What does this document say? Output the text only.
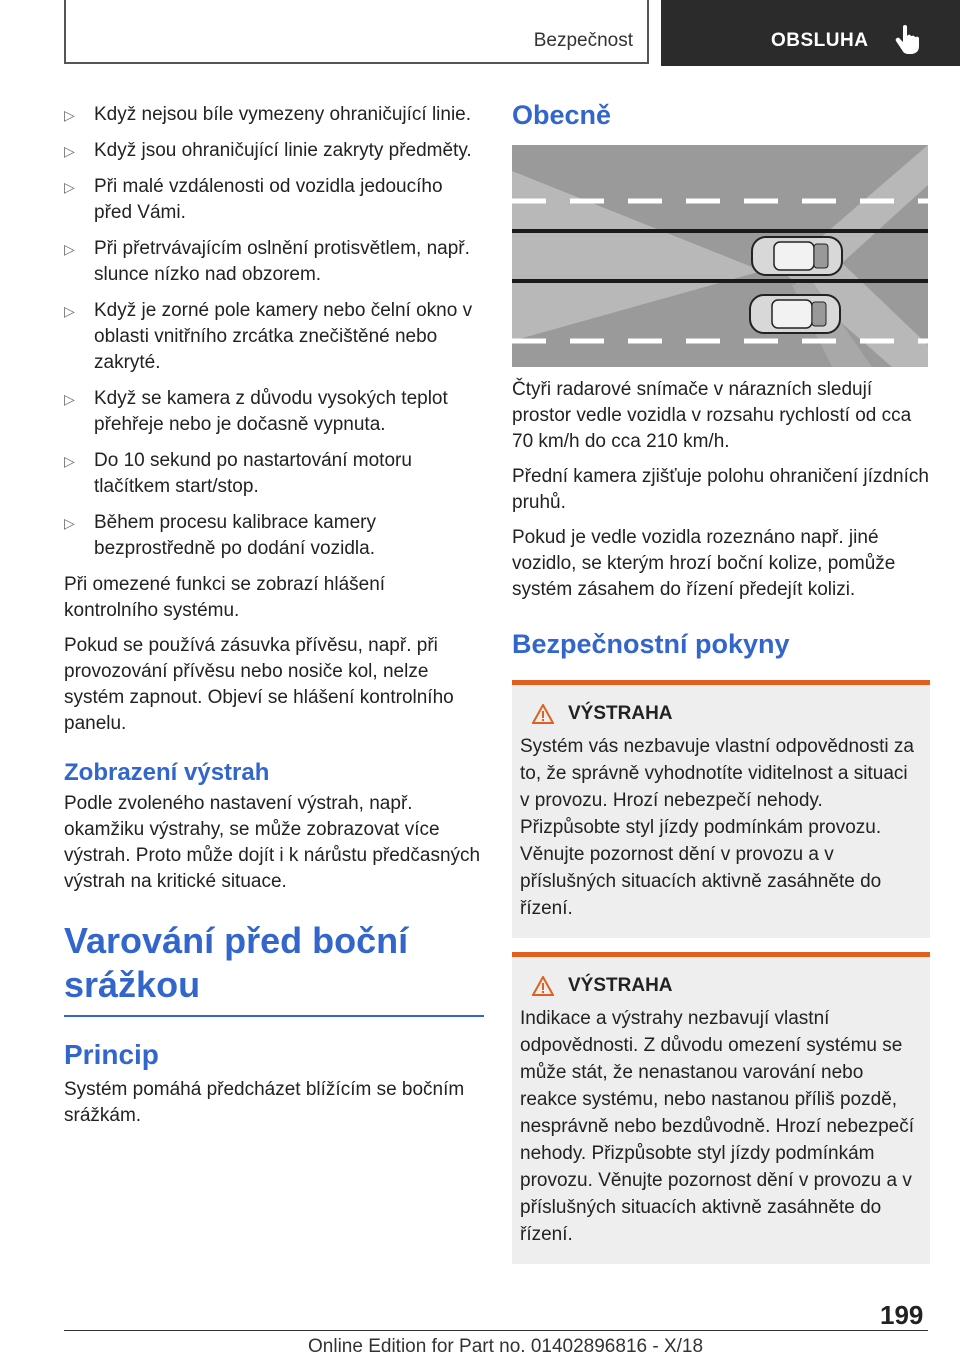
Bezpečnost	OBSLUHA
▷ Když nejsou bíle vymezeny ohraničující linie.
▷ Když jsou ohraničující linie zakryty předměty.
▷ Při malé vzdálenosti od vozidla jedoucího před Vámi.
▷ Při přetrvávajícím oslnění protisvětlem, např. slunce nízko nad obzorem.
▷ Když je zorné pole kamery nebo čelní okno v oblasti vnitřního zrcátka znečištěné nebo zakryté.
▷ Když se kamera z důvodu vysokých teplot přehřeje nebo je dočasně vypnuta.
▷ Do 10 sekund po nastartování motoru tlačítkem start/stop.
▷ Během procesu kalibrace kamery bezprostředně po dodání vozidla.

Při omezené funkci se zobrazí hlášení kontrolního systému.

Pokud se používá zásuvka přívěsu, např. při provozování přívěsu nebo nosiče kol, nelze systém zapnout. Objeví se hlášení kontrolního panelu.

Zobrazení výstrah

Podle zvoleného nastavení výstrah, např. okamžiku výstrahy, se může zobrazovat více výstrah. Proto může dojít i k nárůstu předčasných výstrah na kritické situace.

Varování před boční srážkou
Princip

Systém pomáhá předcházet blížícím se bočním srážkám.

Obecně

Čtyři radarové snímače v nárazních sledují prostor vedle vozidla v rozsahu rychlostí od cca 70 km/h do cca 210 km/h.

Přední kamera zjišťuje polohu ohraničení jízdních pruhů.

Pokud je vedle vozidla rozeznáno např. jiné vozidlo, se kterým hrozí boční kolize, pomůže systém zásahem do řízení předejít kolizi.

Bezpečnostní pokyny
VÝSTRAHA

Systém vás nezbavuje vlastní odpovědnosti za to, že správně vyhodnotíte viditelnost a situaci v provozu. Hrozí nebezpečí nehody. Přizpůsobte styl jízdy podmínkám provozu. Věnujte pozornost dění v provozu a v příslušných situacích aktivně zasáhněte do řízení.

VÝSTRAHA

Indikace a výstrahy nezbavují vlastní odpovědnosti. Z důvodu omezení systému se může stát, že nenastanou varování nebo reakce systému, nebo nastanou příliš pozdě, nesprávně nebo bezdůvodně. Hrozí nebezpečí nehody. Přizpůsobte styl jízdy podmínkám provozu. Věnujte pozornost dění v provozu a v příslušných situacích aktivně zasáhněte do řízení.

199
Online Edition for Part no. 01402896816 - X/18
